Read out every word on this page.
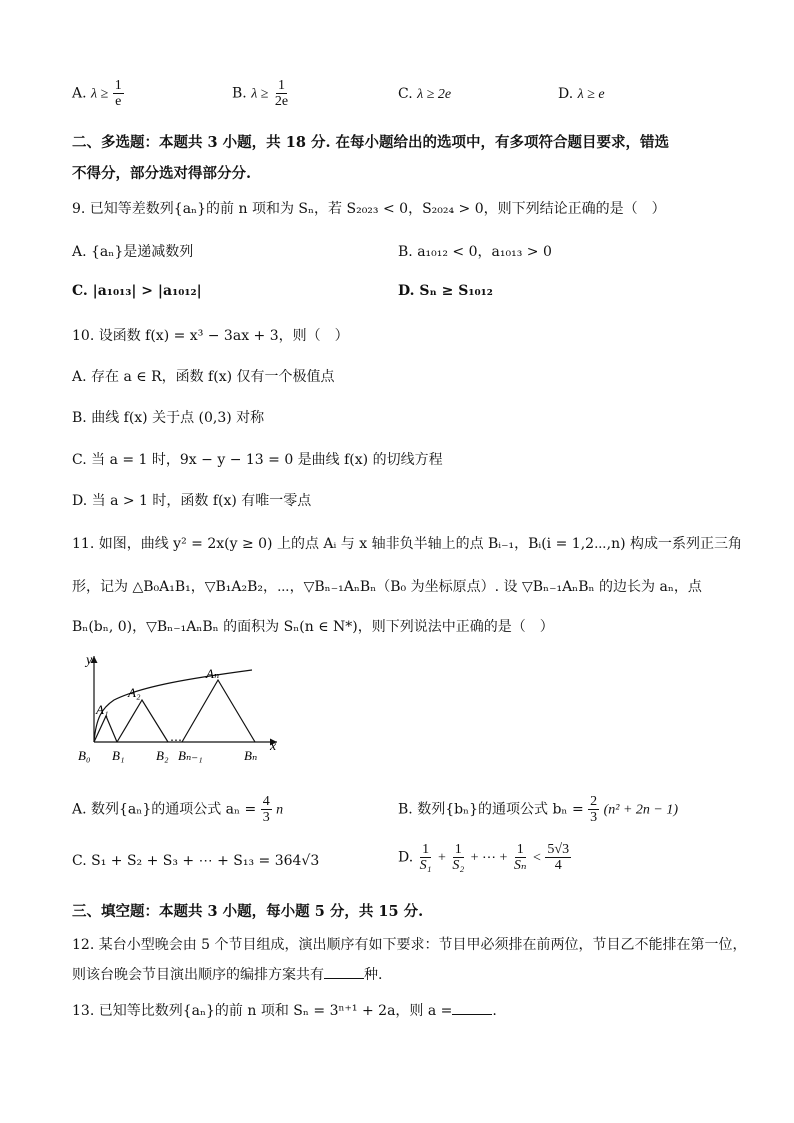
A. $\lambda \ge \frac{1}{e}$	B. $\lambda \ge \frac{1}{2e}$	C. λ ≥ 2e	D. λ ≥ e
二、多选题：本题共 3 小题，共 18 分. 在每小题给出的选项中，有多项符合题目要求，错选
不得分，部分选对得部分分.
9. 已知等差数列{aₙ}的前 n 项和为 Sₙ，若 S₂₀₂₃ < 0，S₂₀₂₄ > 0，则下列结论正确的是（　）
A. {aₙ}是递减数列	B. a₁₀₁₂ < 0，a₁₀₁₃ > 0
C. |a₁₀₁₃| > |a₁₀₁₂|	D. Sₙ ≥ S₁₀₁₂
10. 设函数 f(x) = x³ − 3ax + 3，则（　）
A. 存在 a ∈ R，函数 f(x) 仅有一个极值点
B. 曲线 f(x) 关于点 (0,3) 对称
C. 当 a = 1 时，9x − y − 13 = 0 是曲线 f(x) 的切线方程
D. 当 a > 1 时，函数 f(x) 有唯一零点
11. 如图，曲线 y² = 2x(y ≥ 0) 上的点 Aᵢ 与 x 轴非负半轴上的点 Bᵢ₋₁，Bᵢ(i = 1,2⋯,n) 构成一系列正三角
形，记为 △B₀A₁B₁，▽B₁A₂B₂，⋯，▽Bₙ₋₁AₙBₙ（B₀ 为坐标原点）. 设 ▽Bₙ₋₁AₙBₙ 的边长为 aₙ，点
Bₙ(bₙ, 0)，▽Bₙ₋₁AₙBₙ 的面积为 Sₙ(n ∈ N*)，则下列说法中正确的是（　）
y
x
A₁
A₂
Aₙ
B₀ B₁ B₂
⋯
Bₙ₋₁	Bₙ
A. 数列{aₙ}的通项公式 $a_n = \frac{4}{3}$ n	B. 数列{bₙ}的通项公式 $b_n = \frac{2}{3} (n^2 + 2n - 1)$
C. S₁ + S₂ + S₃ + ⋯ + S₁₃ = 364√3	D. $\frac{1}{\text{S₁}} + \frac{1}{\text{S₂}}$ + ⋯ + $\frac{1}{\text{Sₙ}} < \frac{5√3}{4}$
三、填空题：本题共 3 小题，每小题 5 分，共 15 分.
12. 某台小型晚会由 5 个节目组成，演出顺序有如下要求：节目甲必须排在前两位，节目乙不能排在第一位，
则该台晚会节目演出顺序的编排方案共有	种.
13. 已知等比数列{aₙ}的前 n 项和 Sₙ = 3ⁿ⁺¹ + 2a，则 a =	.
